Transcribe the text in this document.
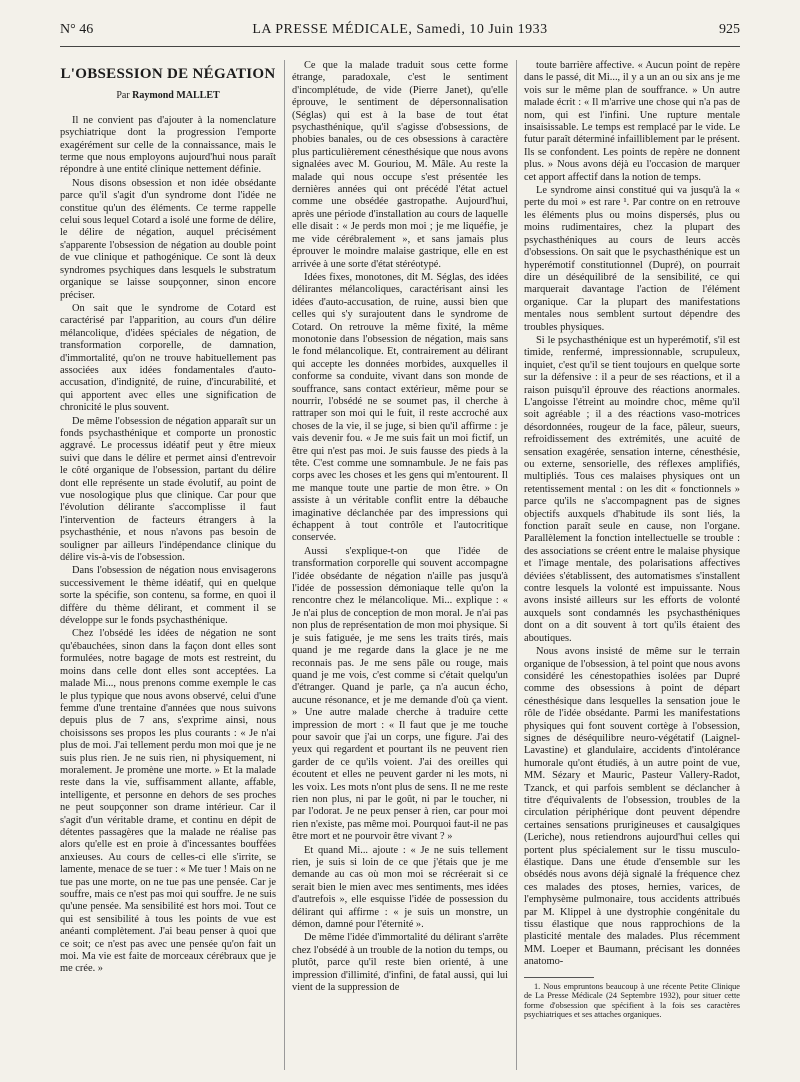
N° 46	LA PRESSE MÉDICALE, Samedi, 10 Juin 1933	925
L'OBSESSION DE NÉGATION
Par Raymond MALLET

Il ne convient pas d'ajouter à la nomenclature psychiatrique dont la progression l'emporte exagérément sur celle de la connaissance, mais le terme que nous employons aujourd'hui nous paraît répondre à une entité clinique nettement définie.

Nous disons obsession et non idée obsédante parce qu'il s'agit d'un syndrome dont l'idée ne constitue qu'un des éléments. Ce terme rappelle celui sous lequel Cotard a isolé une forme de délire, le délire de négation, auquel précisément s'apparente l'obsession de négation au double point de vue clinique et pathogénique. Ce sont là deux syndromes psychiques dans lesquels le substratum organique se laisse soupçonner, sinon encore préciser.

On sait que le syndrome de Cotard est caractérisé par l'apparition, au cours d'un délire mélancolique, d'idées spéciales de négation, de transformation corporelle, de damnation, d'immortalité, qu'on ne trouve habituellement pas associées aux idées fondamentales d'auto-accusation, d'indignité, de ruine, d'incurabilité, et qui apportent avec elles une signification de chronicité le plus souvent.

De même l'obsession de négation apparaît sur un fonds psychasthénique et comporte un pronostic aggravé. Le processus idéatif peut y être mieux suivi que dans le délire et permet ainsi d'entrevoir le côté organique de l'obsession, partant du délire dont elle représente un stade évolutif, au point de vue nosologique plus que clinique. Car pour que l'évolution délirante s'accomplisse il faut l'intervention de facteurs étrangers à la psychasthénie, et nous n'avons pas besoin de souligner par ailleurs l'indépendance clinique du délire vis-à-vis de l'obsession.

Dans l'obsession de négation nous envisagerons successivement le thème idéatif, qui en quelque sorte la spécifie, son contenu, sa forme, en quoi il diffère du thème délirant, et comment il se développe sur le fonds psychasthénique.

Chez l'obsédé les idées de négation ne sont qu'ébauchées, sinon dans la façon dont elles sont formulées, notre bagage de mots est restreint, du moins dans celle dont elles sont acceptées. La malade Mi..., nous prenons comme exemple le cas le plus typique que nous avons observé, celui d'une femme d'une trentaine d'années que nous suivons depuis plus de 7 ans, s'exprime ainsi, nous choisissons ses propos les plus courants : « Je n'ai plus de moi. J'ai tellement perdu mon moi que je ne suis plus rien. Je ne suis rien, ni physiquement, ni moralement. Je promène une morte. » Et la malade reste dans la vie, suffisamment allante, affable, intelligente, et personne en dehors de ses proches ne peut soupçonner son drame intérieur. Car il s'agit d'un véritable drame, et continu en dépit de détentes passagères que la malade ne réalise pas alors qu'elle est en proie à d'incessantes bouffées anxieuses. Au cours de celles-ci elle s'irrite, se lamente, menace de se tuer : « Me tuer ! Mais on ne tue pas une morte, on ne tue pas une pensée. Car je souffre, mais ce n'est pas moi qui souffre. Je ne suis qu'une pensée. Ma sensibilité est hors moi. Tout ce qui est sensibilité à tous les points de vue est anéanti complètement. J'ai beau penser à quoi que ce soit; ce n'est pas avec une pensée qu'on fait un moi. Ma vie est faite de morceaux cérébraux que je me crée. »

Ce que la malade traduit sous cette forme étrange, paradoxale, c'est le sentiment d'incomplétude, de vide (Pierre Janet), qu'elle éprouve, le sentiment de dépersonnalisation (Séglas) qui est à la base de tout état psychasthénique, qu'il s'agisse d'obsessions, de phobies banales, ou de ces obsessions à caractère plus particulièrement cénesthésique que nous avons signalées avec M. Gouriou, M. Mâle. Au reste la malade qui nous occupe s'est présentée les dernières années qui ont précédé l'état actuel comme une obsédée gastropathe. Aujourd'hui, après une période d'installation au cours de laquelle elle disait : « Je perds mon moi ; je me liquéfie, je me vide cérébralement », et sans jamais plus éprouver le moindre malaise gastrique, elle en est arrivée à une sorte d'état stéréotypé.

Idées fixes, monotones, dit M. Séglas, des idées délirantes mélancoliques, caractérisant ainsi les idées d'auto-accusation, de ruine, aussi bien que celles qui s'y surajoutent dans le syndrome de Cotard. On retrouve la même fixité, la même monotonie dans l'obsession de négation, mais sans le fond mélancolique. Et, contrairement au délirant qui accepte les données morbides, auxquelles il conforme sa conduite, vivant dans son monde de souffrance, sans contact extérieur, même pour se nourrir, l'obsédé ne se soumet pas, il cherche à rattraper son moi qui le fuit, il reste accroché aux choses de la vie, il se juge, si bien qu'il affirme : je vais devenir fou. « Je me suis fait un moi fictif, un être qui n'est pas moi. Je suis fausse des pieds à la tête. C'est comme une somnambule. Je ne fais pas corps avec les choses et les gens qui m'entourent. Il me manque toute une partie de mon être. » On assiste à un véritable conflit entre la débauche imaginative déclanchée par des impressions qui échappent à tout contrôle et l'autocritique conservée.

Aussi s'explique-t-on que l'idée de transformation corporelle qui souvent accompagne l'idée obsédante de négation n'aille pas jusqu'à l'idée de possession démoniaque telle qu'on la rencontre chez le mélancolique. Mi... explique : « Je n'ai plus de conception de mon moral. Je n'ai pas non plus de représentation de mon moi physique. Si je suis fatiguée, je me sens les traits tirés, mais quand je me regarde dans la glace je ne me reconnais pas. Je me sens pâle ou rouge, mais quand je me vois, c'est comme si c'était quelqu'un d'étranger. Quand je parle, ça n'a aucun écho, aucune résonance, et je me demande d'où ça vient. » Une autre malade cherche à traduire cette impression de mort : « Il faut que je me touche pour savoir que j'ai un corps, une figure. J'ai des yeux qui regardent et pourtant ils ne peuvent rien garder de ce qu'ils voient. J'ai des oreilles qui écoutent et elles ne peuvent garder ni les mots, ni les voix. Les mots n'ont plus de sens. Il ne me reste rien non plus, ni par le goût, ni par le toucher, ni par l'odorat. Je ne peux penser à rien, car pour moi rien n'existe, pas même moi. Pourquoi faut-il ne pas être mort et ne pourvoir être vivant ? »

Et quand Mi... ajoute : « Je ne suis tellement rien, je suis si loin de ce que j'étais que je me demande au cas où mon moi se récréerait si ce serait bien le mien avec mes sentiments, mes idées d'autrefois », elle esquisse l'idée de possession du délirant qui affirme : « je suis un monstre, un démon, damné pour l'éternité ».

De même l'idée d'immortalité du délirant s'arrête chez l'obsédé à un trouble de la notion du temps, ou plutôt, parce qu'il reste bien orienté, à une impression d'illimité, d'infini, de fatal aussi, qui lui vient de la suppression de

toute barrière affective. « Aucun point de repère dans le passé, dit Mi..., il y a un an ou six ans je me vois sur le même plan de souffrance. » Un autre malade écrit : « Il m'arrive une chose qui n'a pas de nom, qui est l'infini. Une rupture mentale insaisissable. Le temps est remplacé par le vide. Le futur paraît déterminé infailliblement par le présent. Ils se confondent. Les points de repère ne donnent plus. » Nous avons déjà eu l'occasion de marquer cet apport affectif dans la notion de temps.

Le syndrome ainsi constitué qui va jusqu'à la « perte du moi » est rare ¹. Par contre on en retrouve les éléments plus ou moins dispersés, plus ou moins rudimentaires, chez la plupart des psychasthéniques au cours de leurs accès d'obsessions. On sait que le psychasthénique est un hyperémotif constitutionnel (Dupré), on pourrait dire un déséquilibré de la sensibilité, ce qui marquerait davantage l'action de l'élément organique. Car la plupart des manifestations mentales nous semblent surtout dépendre des troubles physiques.

Si le psychasthénique est un hyperémotif, s'il est timide, renfermé, impressionnable, scrupuleux, inquiet, c'est qu'il se tient toujours en quelque sorte sur la défensive : il a peur de ses réactions, et il a raison puisqu'il éprouve des réactions anormales. L'angoisse l'étreint au moindre choc, même qu'il soit agréable ; il a des réactions vaso-motrices désordonnées, rougeur de la face, pâleur, sueurs, refroidissement des extrémités, une acuité de sensation exagérée, sensation interne, cénesthésie, ou externe, sensorielle, des réflexes amplifiés, multipliés. Tous ces malaises physiques ont un retentissement mental : on les dit « fonctionnels » parce qu'ils ne s'accompagnent pas de signes objectifs auxquels d'habitude ils sont liés, la fonction paraît seule en cause, non l'organe. Parallèlement la fonction intellectuelle se trouble : des associations se créent entre le malaise physique et l'image mentale, des polarisations affectives déviées s'établissent, des automatismes s'installent contre lesquels la volonté est impuissante. Nous avons insisté ailleurs sur les efforts de volonté auxquels sont condamnés les psychasthéniques dont on a dit souvent à tort qu'ils étaient des aboutiques.

Nous avons insisté de même sur le terrain organique de l'obsession, à tel point que nous avons considéré les cénestopathies isolées par Dupré comme des obsessions à point de départ cénesthésique dans lesquelles la sensation joue le rôle de l'idée obsédante. Parmi les manifestations physiques qui font souvent cortège à l'obsession, signes de déséquilibre neuro-végétatif (Laignel-Lavastine) et glandulaire, accidents d'intolérance humorale qu'ont étudiés, à un autre point de vue, MM. Sézary et Mauric, Pasteur Vallery-Radot, Tzanck, et qui parfois semblent se déclancher à titre d'équivalents de l'obsession, troubles de la circulation périphérique dont peuvent dépendre certaines sensations prurigineuses et causalgiques (Leriche), nous retiendrons aujourd'hui celles qui portent plus spécialement sur le tissu musculo-élastique. Dans une étude d'ensemble sur les obsédés nous avons déjà signalé la fréquence chez ces malades des ptoses, hernies, varices, de l'emphysème pulmonaire, tous accidents attribués par M. Klippel à une dystrophie congénitale du tissu élastique que nous rapprochions de la plasticité mentale des malades. Plus récemment MM. Loeper et Baumann, précisant les données anatomo-

1. Nous empruntons beaucoup à une récente Petite Clinique de La Presse Médicale (24 Septembre 1932), pour situer cette forme d'obsession que spécifient à la fois ses caractères psychiatriques et ses attaches organiques.
